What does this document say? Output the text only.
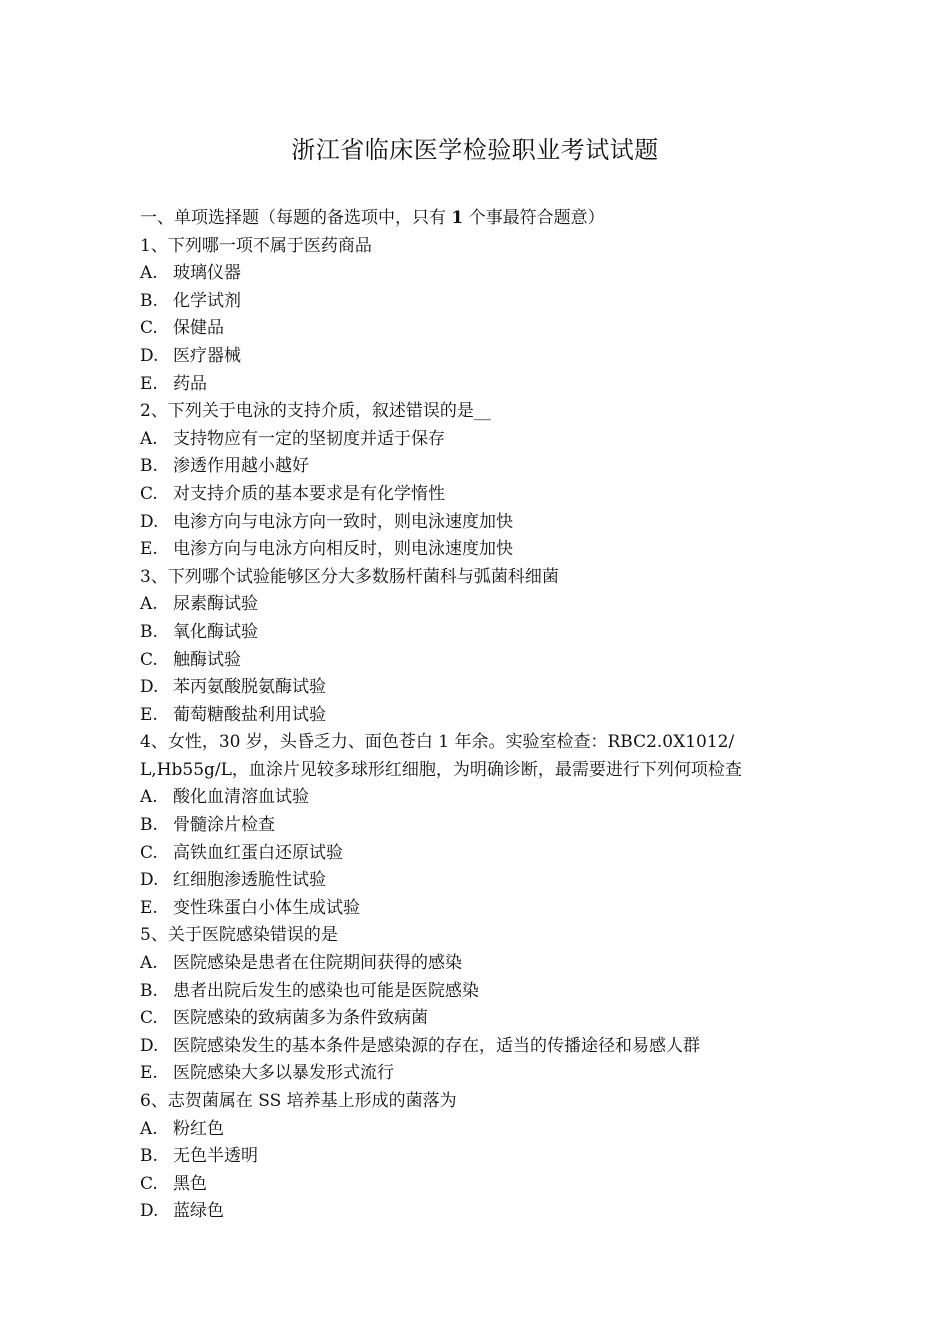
浙江省临床医学检验职业考试试题
一、单项选择题（每题的备选项中，只有 1 个事最符合题意）
1、下列哪一项不属于医药商品
A. 玻璃仪器
B. 化学试剂
C. 保健品
D. 医疗器械
E. 药品
2、下列关于电泳的支持介质，叙述错误的是__
A. 支持物应有一定的坚韧度并适于保存
B. 渗透作用越小越好
C. 对支持介质的基本要求是有化学惰性
D. 电渗方向与电泳方向一致时，则电泳速度加快
E. 电渗方向与电泳方向相反时，则电泳速度加快
3、下列哪个试验能够区分大多数肠杆菌科与弧菌科细菌
A. 尿素酶试验
B. 氧化酶试验
C. 触酶试验
D. 苯丙氨酸脱氨酶试验
E. 葡萄糖酸盐利用试验
4、女性，30 岁，头昏乏力、面色苍白 1 年余。实验室检查：RBC2.0Ⅹ1012/
L,Hb55g/L，血涂片见较多球形红细胞，为明确诊断，最需要进行下列何项检查
A. 酸化血清溶血试验
B. 骨髓涂片检查
C. 高铁血红蛋白还原试验
D. 红细胞渗透脆性试验
E. 变性珠蛋白小体生成试验
5、关于医院感染错误的是
A. 医院感染是患者在住院期间获得的感染
B. 患者出院后发生的感染也可能是医院感染
C. 医院感染的致病菌多为条件致病菌
D. 医院感染发生的基本条件是感染源的存在，适当的传播途径和易感人群
E. 医院感染大多以暴发形式流行
6、志贺菌属在 SS 培养基上形成的菌落为
A. 粉红色
B. 无色半透明
C. 黑色
D. 蓝绿色
